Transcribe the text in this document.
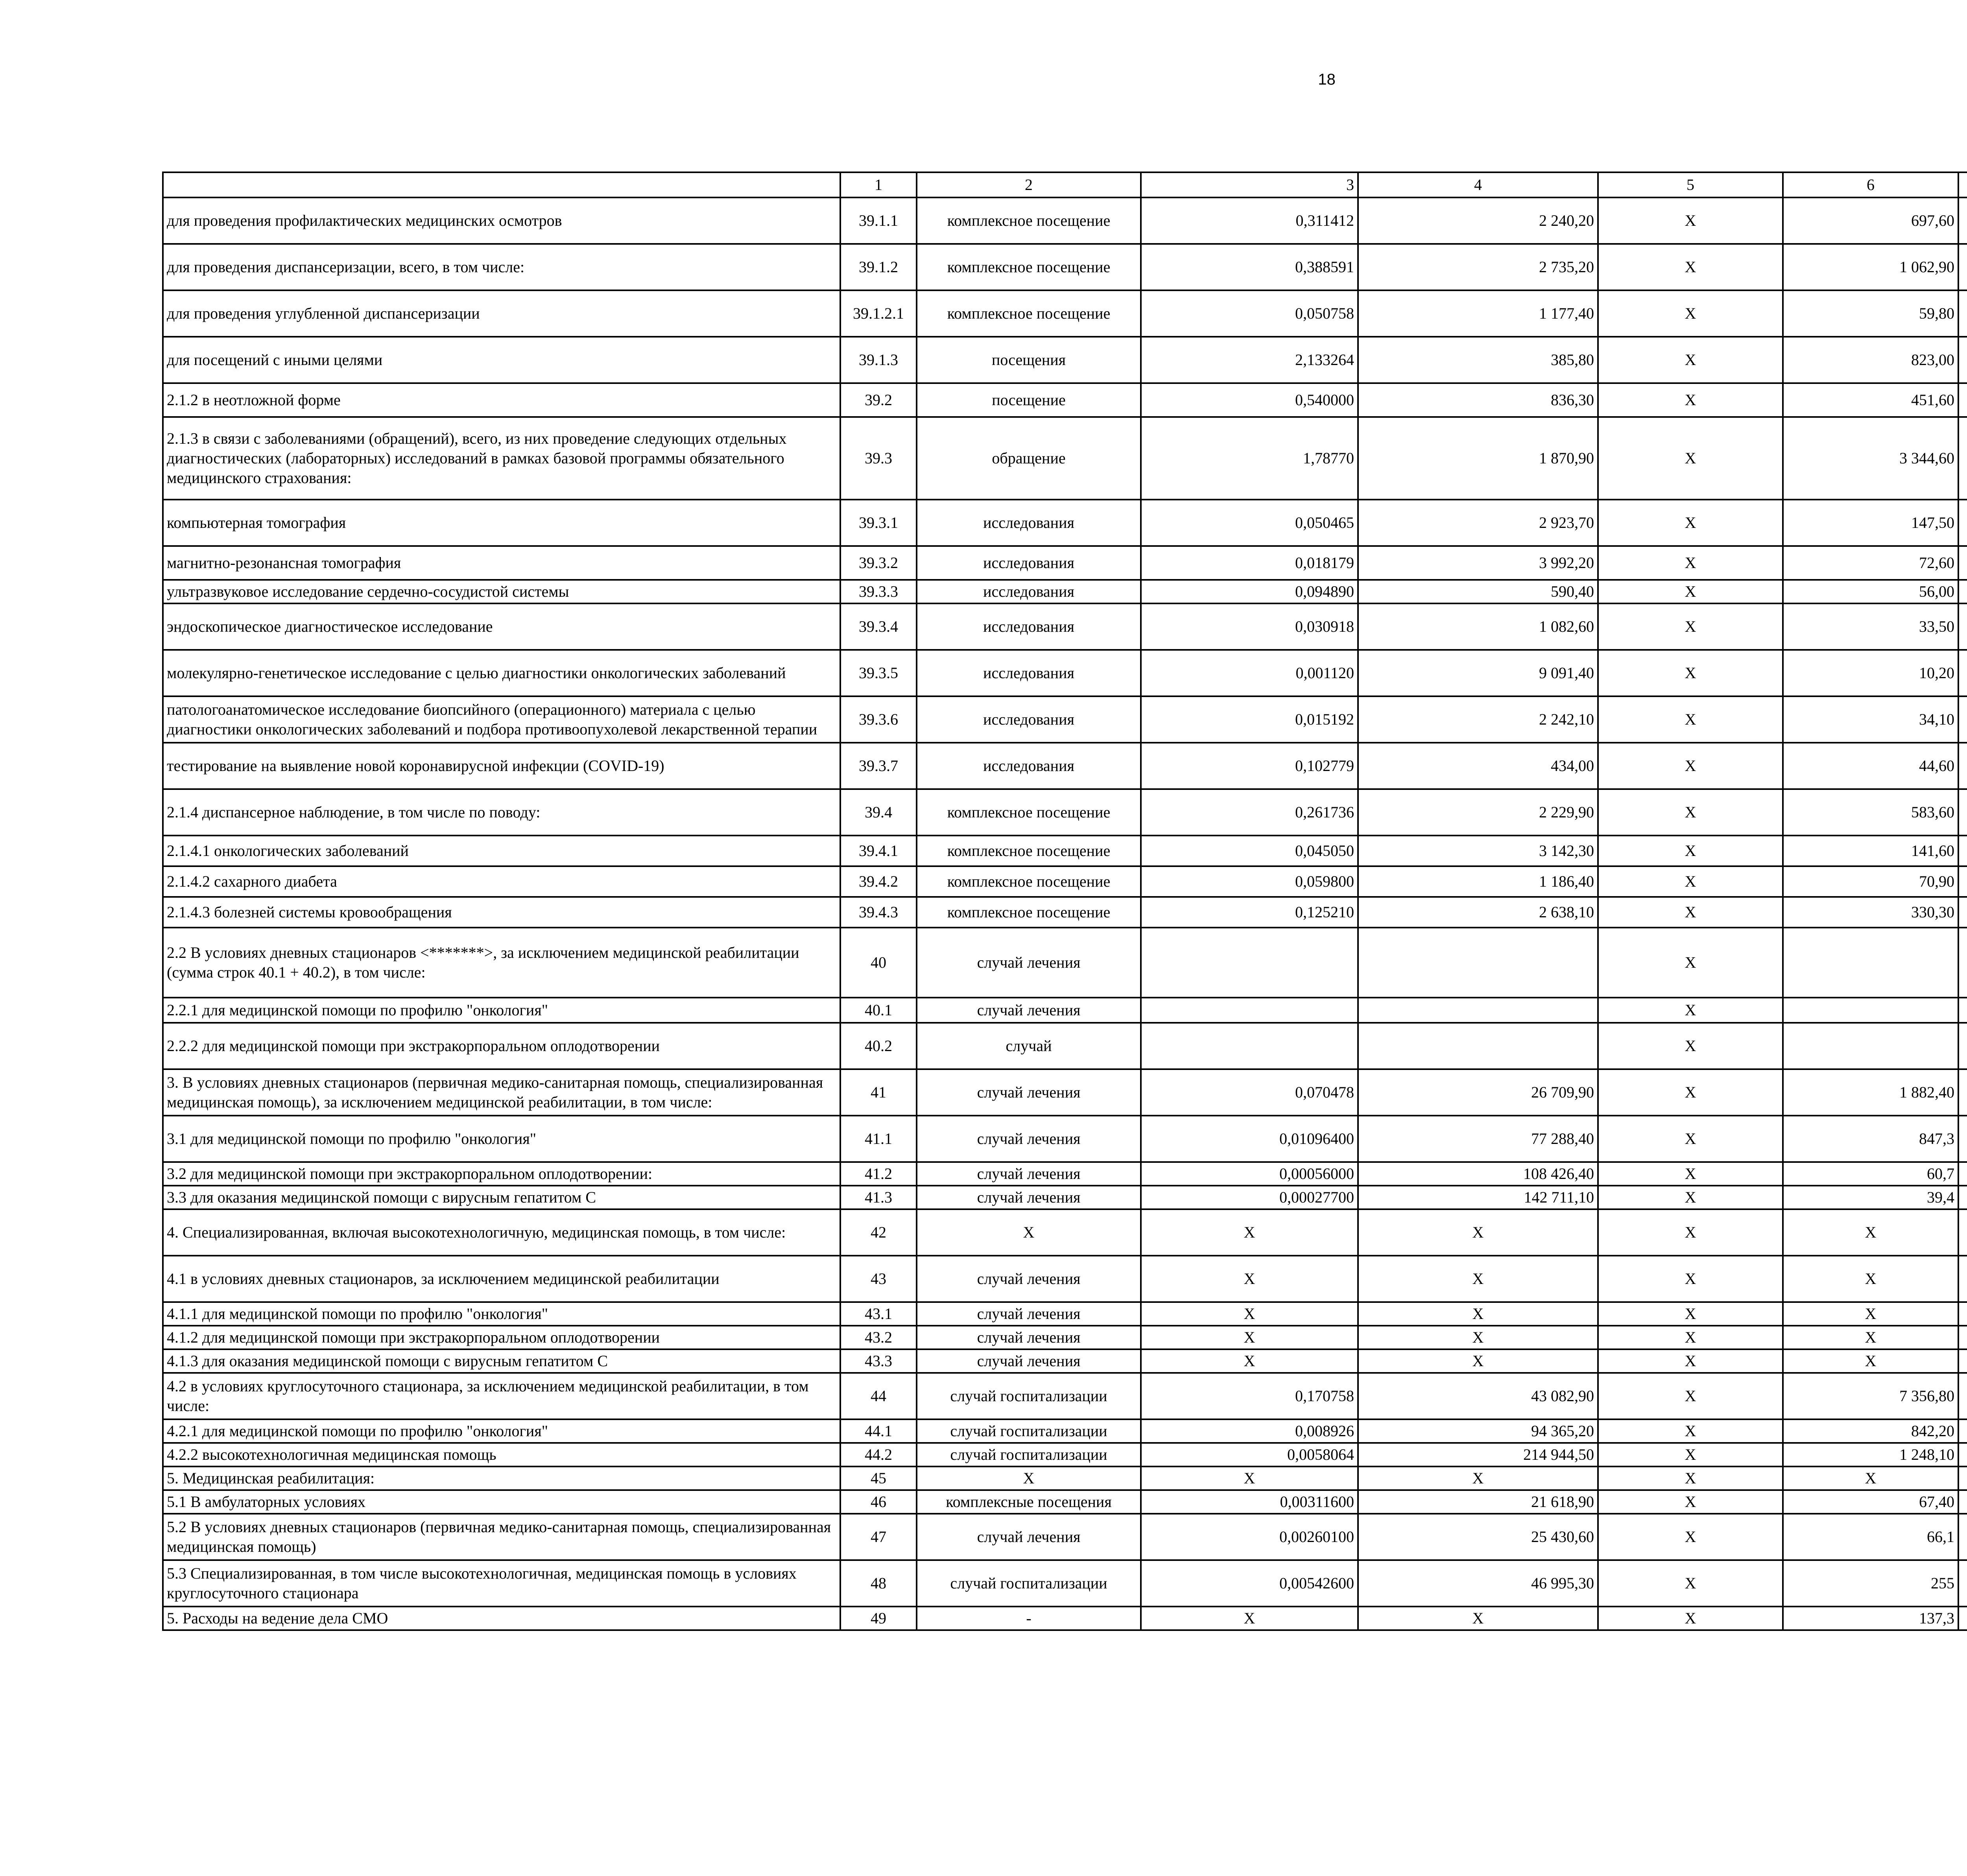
18
	1	2	3	4	5	6			
для проведения профилактических медицинских осмотров	39.1.1	комплексное посещение	0,311412	2 240,20	X	697,60			
для проведения диспансеризации, всего, в том числе:	39.1.2	комплексное посещение	0,388591	2 735,20	X	1 062,90			
для проведения углубленной диспансеризации	39.1.2.1	комплексное посещение	0,050758	1 177,40	X	59,80			
для посещений с иными целями	39.1.3	посещения	2,133264	385,80	X	823,00			
2.1.2 в неотложной форме	39.2	посещение	0,540000	836,30	X	451,60			
2.1.3 в связи с заболеваниями (обращений), всего, из них проведение следующих отдельных диагностических (лабораторных) исследований в рамках базовой программы обязательного медицинского страхования:	39.3	обращение	1,78770	1 870,90	X	3 344,60			
компьютерная томография	39.3.1	исследования	0,050465	2 923,70	X	147,50			
магнитно-резонансная томография	39.3.2	исследования	0,018179	3 992,20	X	72,60			
ультразвуковое исследование сердечно-сосудистой системы	39.3.3	исследования	0,094890	590,40	X	56,00			
эндоскопическое диагностическое исследование	39.3.4	исследования	0,030918	1 082,60	X	33,50			
молекулярно-генетическое исследование с целью диагностики онкологических заболеваний	39.3.5	исследования	0,001120	9 091,40	X	10,20			
патологоанатомическое исследование биопсийного (операционного) материала с целью диагностики онкологических заболеваний и подбора противоопухолевой лекарственной терапии	39.3.6	исследования	0,015192	2 242,10	X	34,10			
тестирование на выявление новой коронавирусной инфекции (COVID-19)	39.3.7	исследования	0,102779	434,00	X	44,60			
2.1.4 диспансерное наблюдение, в том числе по поводу:	39.4	комплексное посещение	0,261736	2 229,90	X	583,60			
2.1.4.1 онкологических заболеваний	39.4.1	комплексное посещение	0,045050	3 142,30	X	141,60			
2.1.4.2 сахарного диабета	39.4.2	комплексное посещение	0,059800	1 186,40	X	70,90			
2.1.4.3 болезней системы кровообращения	39.4.3	комплексное посещение	0,125210	2 638,10	X	330,30			
2.2 В условиях дневных стационаров <*******>, за исключением медицинской реабилитации (сумма строк 40.1 + 40.2), в том числе:	40	случай лечения			X				
2.2.1 для медицинской помощи по профилю "онкология"	40.1	случай лечения			X				
2.2.2 для медицинской помощи при экстракорпоральном оплодотворении	40.2	случай			X				
3. В условиях дневных стационаров (первичная медико-санитарная помощь, специализированная медицинская помощь), за исключением медицинской реабилитации, в том числе:	41	случай лечения	0,070478	26 709,90	X	1 882,40			
3.1 для медицинской помощи по профилю "онкология"	41.1	случай лечения	0,01096400	77 288,40	X	847,3			
3.2 для медицинской помощи при экстракорпоральном оплодотворении:	41.2	случай лечения	0,00056000	108 426,40	X	60,7			
3.3 для оказания медицинской помощи с вирусным гепатитом С	41.3	случай лечения	0,00027700	142 711,10	X	39,4			
4. Специализированная, включая высокотехнологичную, медицинская помощь, в том числе:	42	X	X	X	X	X			
4.1 в условиях дневных стационаров, за исключением медицинской реабилитации	43	случай лечения	X	X	X	X			
4.1.1 для медицинской помощи по профилю "онкология"	43.1	случай лечения	X	X	X	X			
4.1.2 для медицинской помощи при экстракорпоральном оплодотворении	43.2	случай лечения	X	X	X	X			
4.1.3 для оказания медицинской помощи с вирусным гепатитом С	43.3	случай лечения	X	X	X	X			
4.2 в условиях круглосуточного стационара, за исключением медицинской реабилитации, в том числе:	44	случай госпитализации	0,170758	43 082,90	X	7 356,80			
4.2.1 для медицинской помощи по профилю "онкология"	44.1	случай госпитализации	0,008926	94 365,20	X	842,20			
4.2.2 высокотехнологичная медицинская помощь	44.2	случай госпитализации	0,0058064	214 944,50	X	1 248,10			
5. Медицинская реабилитация:	45	X	X	X	X	X			
5.1 В амбулаторных условиях	46	комплексные посещения	0,00311600	21 618,90	X	67,40			
5.2 В условиях дневных стационаров (первичная медико-санитарная помощь, специализированная медицинская помощь)	47	случай лечения	0,00260100	25 430,60	X	66,1			
5.3 Специализированная, в том числе высокотехнологичная, медицинская помощь в условиях круглосуточного стационара	48	случай госпитализации	0,00542600	46 995,30	X	255			
5. Расходы на ведение дела СМО	49	-	X	X	X	137,3			
